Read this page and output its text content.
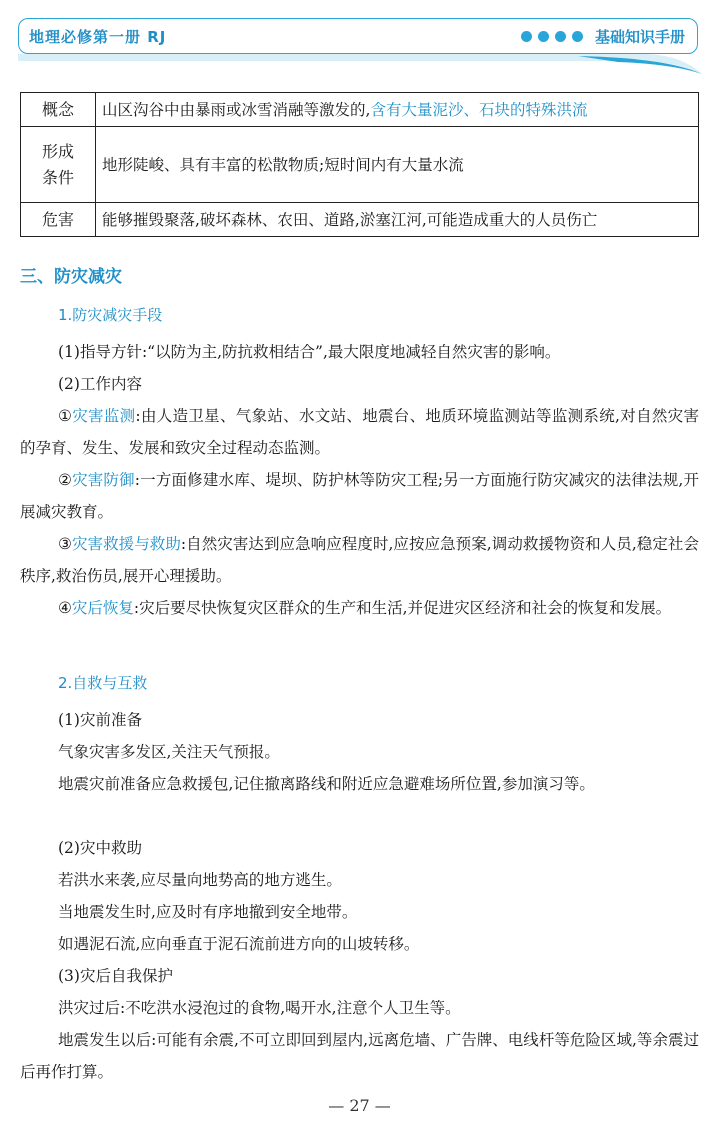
地理必修第一册 RJ	基础知识手册
概念	山区沟谷中由暴雨或冰雪消融等激发的,含有大量泥沙、石块的特殊洪流
形成
条件	地形陡峻、具有丰富的松散物质;短时间内有大量水流
危害	能够摧毁聚落,破坏森林、农田、道路,淤塞江河,可能造成重大的人员伤亡
三、防灾减灾
1.防灾减灾手段
(1)指导方针:“以防为主,防抗救相结合”,最大限度地减轻自然灾害的影响。
(2)工作内容
①灾害监测:由人造卫星、气象站、水文站、地震台、地质环境监测站等监测系统,对自然灾害的孕育、发生、发展和致灾全过程动态监测。
②灾害防御:一方面修建水库、堤坝、防护林等防灾工程;另一方面施行防灾减灾的法律法规,开展减灾教育。
③灾害救援与救助:自然灾害达到应急响应程度时,应按应急预案,调动救援物资和人员,稳定社会秩序,救治伤员,展开心理援助。
④灾后恢复:灾后要尽快恢复灾区群众的生产和生活,并促进灾区经济和社会的恢复和发展。
2.自救与互救
(1)灾前准备
气象灾害多发区,关注天气预报。
地震灾前准备应急救援包,记住撤离路线和附近应急避难场所位置,参加演习等。
(2)灾中救助
若洪水来袭,应尽量向地势高的地方逃生。
当地震发生时,应及时有序地撤到安全地带。
如遇泥石流,应向垂直于泥石流前进方向的山坡转移。
(3)灾后自我保护
洪灾过后:不吃洪水浸泡过的食物,喝开水,注意个人卫生等。
地震发生以后:可能有余震,不可立即回到屋内,远离危墙、广告牌、电线杆等危险区域,等余震过后再作打算。
— 27 —
